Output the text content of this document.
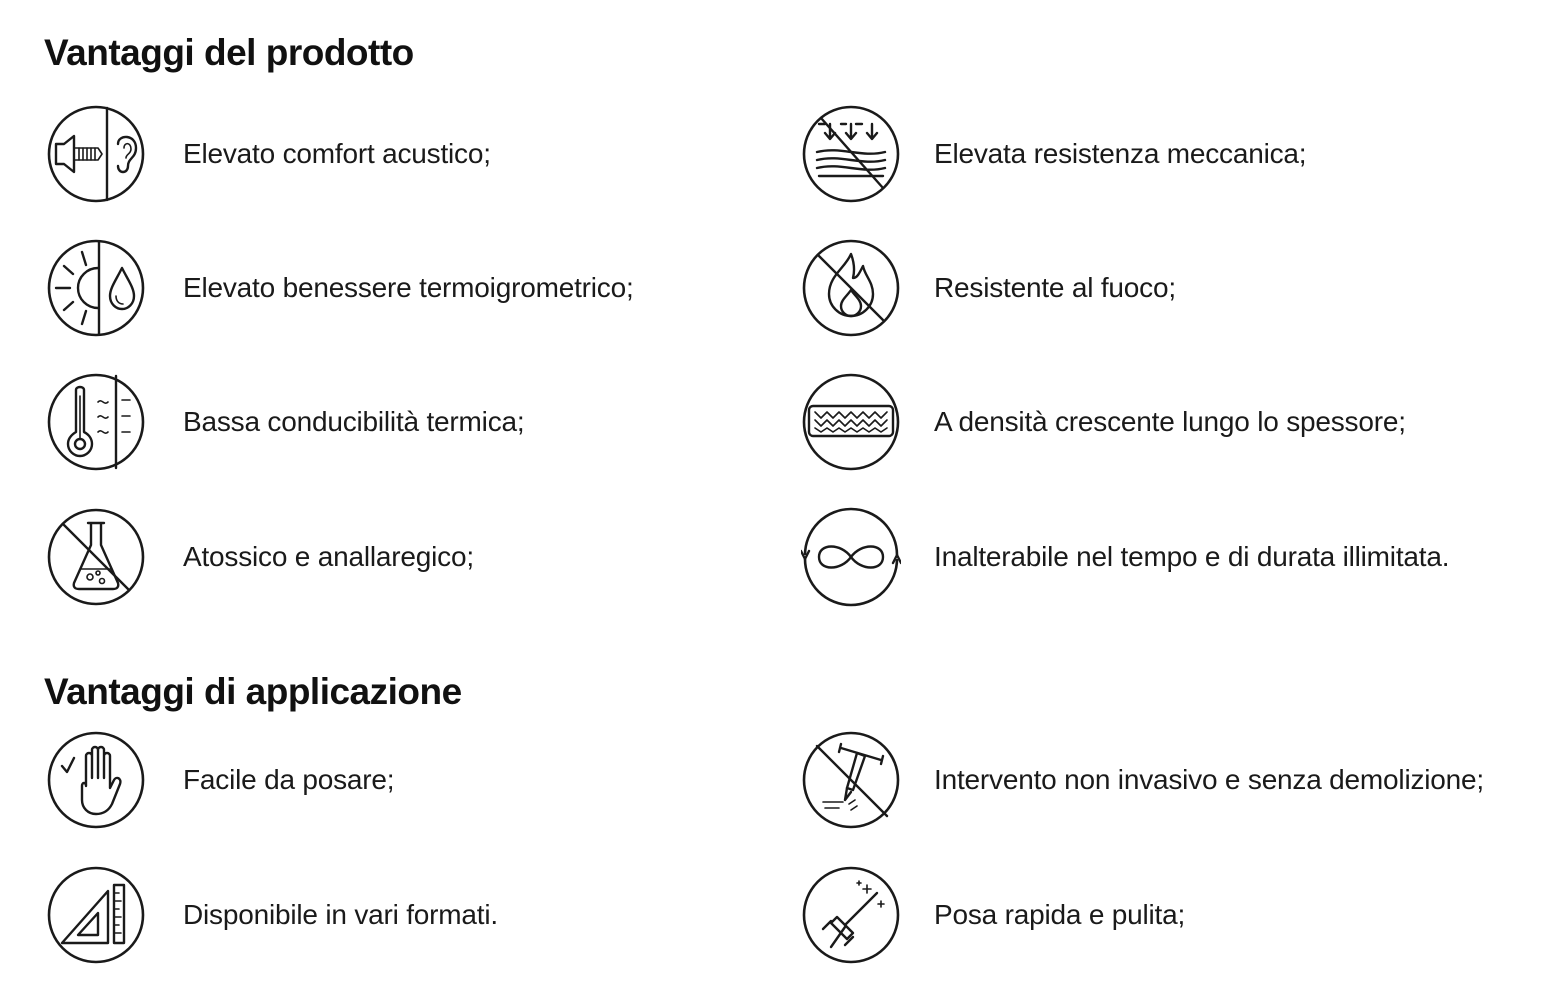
Vantaggi del prodotto
Elevato comfort acustico;	Elevata resistenza meccanica;
Elevato benessere termoigrometrico;	Resistente al fuoco;
Bassa conducibilità termica;	A densità crescente lungo lo spessore;
Atossico e anallaregico;	Inalterabile nel tempo e di durata illimitata.
Vantaggi di applicazione
Facile da posare;	Intervento non invasivo e senza demolizione;
Disponibile in vari formati.	Posa rapida e pulita;
